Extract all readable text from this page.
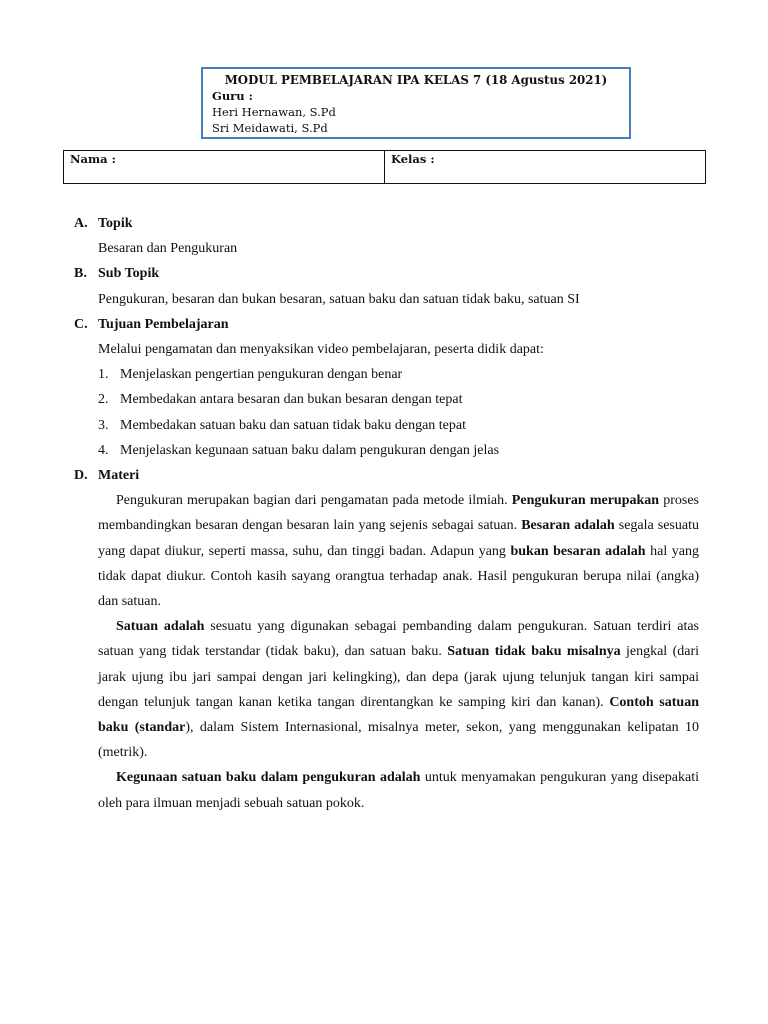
MODUL PEMBELAJARAN IPA KELAS 7 (18 Agustus 2021)
Guru :
Heri Hernawan, S.Pd
Sri Meidawati, S.Pd
Nama :	Kelas :
A. Topik
Besaran dan Pengukuran
B. Sub Topik
Pengukuran, besaran dan bukan besaran, satuan baku dan satuan tidak baku, satuan SI
C. Tujuan Pembelajaran
Melalui pengamatan dan menyaksikan video pembelajaran, peserta didik dapat:
1. Menjelaskan pengertian pengukuran dengan benar
2. Membedakan antara besaran dan bukan besaran dengan tepat
3. Membedakan satuan baku dan satuan tidak baku dengan tepat
4. Menjelaskan kegunaan satuan baku dalam pengukuran dengan jelas
D. Materi
Pengukuran merupakan bagian dari pengamatan pada metode ilmiah. Pengukuran merupakan proses membandingkan besaran dengan besaran lain yang sejenis sebagai satuan. Besaran adalah segala sesuatu yang dapat diukur, seperti massa, suhu, dan tinggi badan. Adapun yang bukan besaran adalah hal yang tidak dapat diukur. Contoh kasih sayang orangtua terhadap anak. Hasil pengukuran berupa nilai (angka) dan satuan.
Satuan adalah sesuatu yang digunakan sebagai pembanding dalam pengukuran. Satuan terdiri atas satuan yang tidak terstandar (tidak baku), dan satuan baku. Satuan tidak baku misalnya jengkal (dari jarak ujung ibu jari sampai dengan jari kelingking), dan depa (jarak ujung telunjuk tangan kiri sampai dengan telunjuk tangan kanan ketika tangan direntangkan ke samping kiri dan kanan). Contoh satuan baku (standar), dalam Sistem Internasional, misalnya meter, sekon, yang menggunakan kelipatan 10 (metrik).
Kegunaan satuan baku dalam pengukuran adalah untuk menyamakan pengukuran yang disepakati oleh para ilmuan menjadi sebuah satuan pokok.
